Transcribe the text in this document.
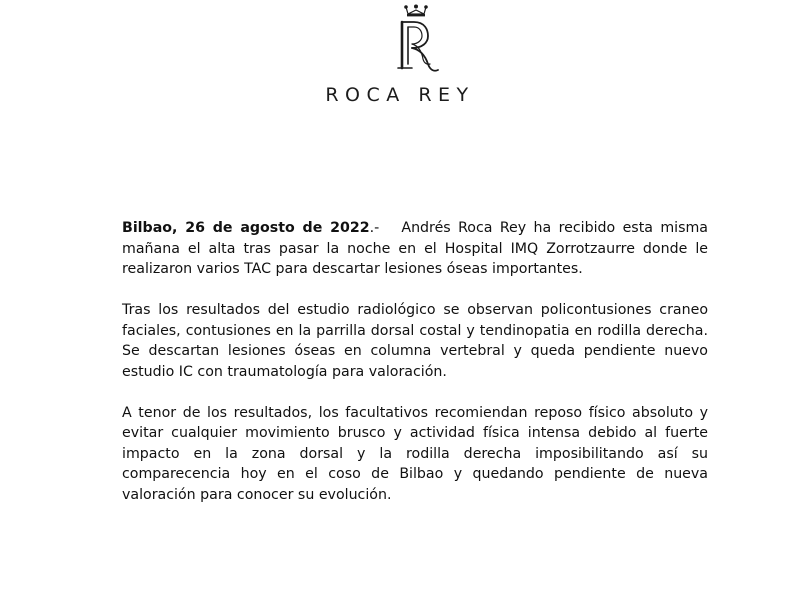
ROCA REY

Bilbao, 26 de agosto de 2022.-   Andrés Roca Rey ha recibido esta misma mañana el alta tras pasar la noche en el Hospital IMQ Zorrotzaurre donde le realizaron varios TAC para descartar lesiones óseas importantes.

Tras los resultados del estudio radiológico se observan policontusiones craneo faciales, contusiones en la parrilla dorsal costal y tendinopatia en rodilla derecha. Se descartan lesiones óseas en columna vertebral y queda pendiente nuevo estudio IC con traumatología para valoración.

A tenor de los resultados, los facultativos recomiendan reposo físico absoluto y evitar cualquier movimiento brusco y actividad física intensa debido al fuerte impacto en la zona dorsal y la rodilla derecha imposibilitando así su comparecencia hoy en el coso de Bilbao y quedando pendiente de nueva valoración para conocer su evolución.
